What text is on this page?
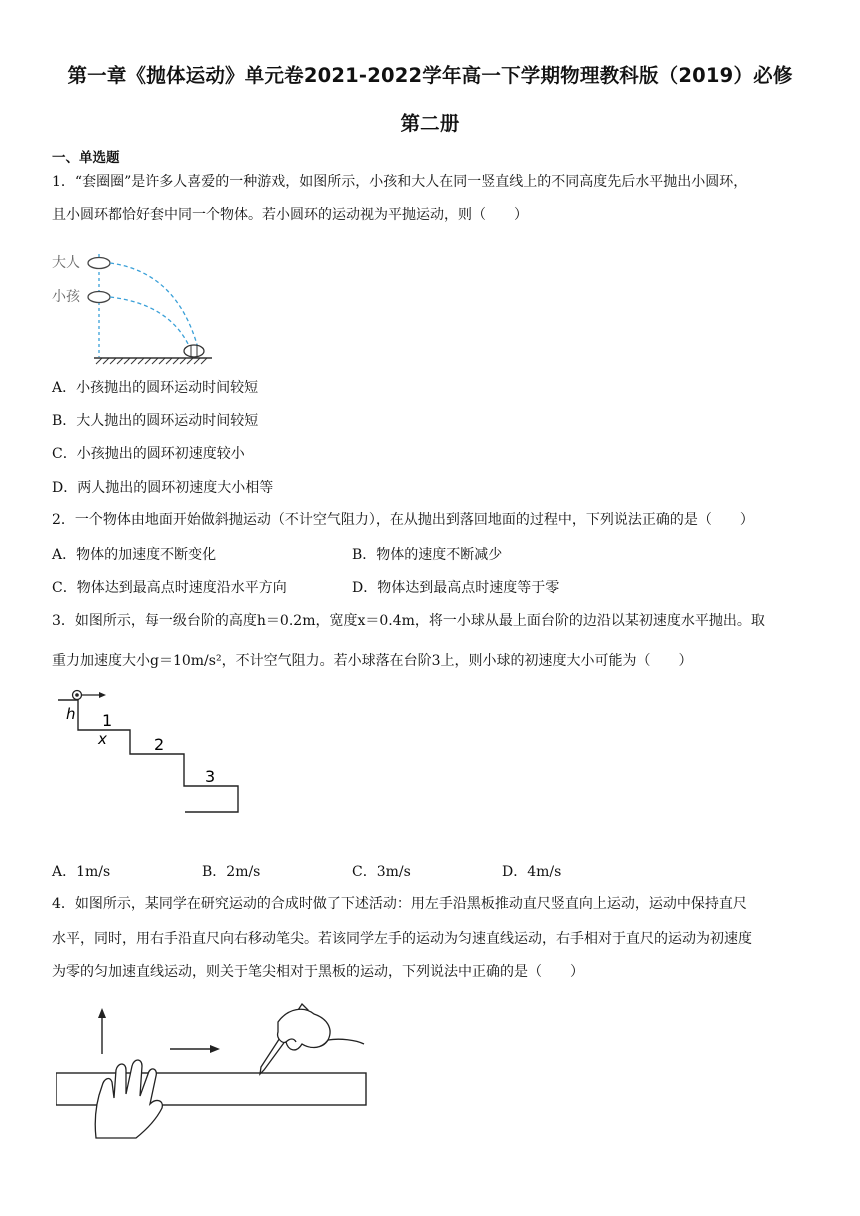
第一章《抛体运动》单元卷2021-2022学年高一下学期物理教科版（2019）必修
第二册
一、单选题
1．“套圈圈”是许多人喜爱的一种游戏，如图所示，小孩和大人在同一竖直线上的不同高度先后水平抛出小圆环，
且小圆环都恰好套中同一个物体。若小圆环的运动视为平抛运动，则（　　）
大人
小孩
A．小孩抛出的圆环运动时间较短
B．大人抛出的圆环运动时间较短
C．小孩抛出的圆环初速度较小
D．两人抛出的圆环初速度大小相等
2．一个物体由地面开始做斜抛运动（不计空气阻力），在从抛出到落回地面的过程中，下列说法正确的是（　　）
A．物体的加速度不断变化	B．物体的速度不断减少
C．物体达到最高点时速度沿水平方向	D．物体达到最高点时速度等于零
3．如图所示，每一级台阶的高度h＝0.2m，宽度x＝0.4m，将一小球从最上面台阶的边沿以某初速度水平抛出。取
重力加速度大小g＝10m/s²，不计空气阻力。若小球落在台阶3上，则小球的初速度大小可能为（　　）
h 1
x	2
3
A．1m/s	B．2m/s	C．3m/s	D．4m/s
4．如图所示，某同学在研究运动的合成时做了下述活动：用左手沿黑板推动直尺竖直向上运动，运动中保持直尺
水平，同时，用右手沿直尺向右移动笔尖。若该同学左手的运动为匀速直线运动，右手相对于直尺的运动为初速度
为零的匀加速直线运动，则关于笔尖相对于黑板的运动，下列说法中正确的是（　　）
